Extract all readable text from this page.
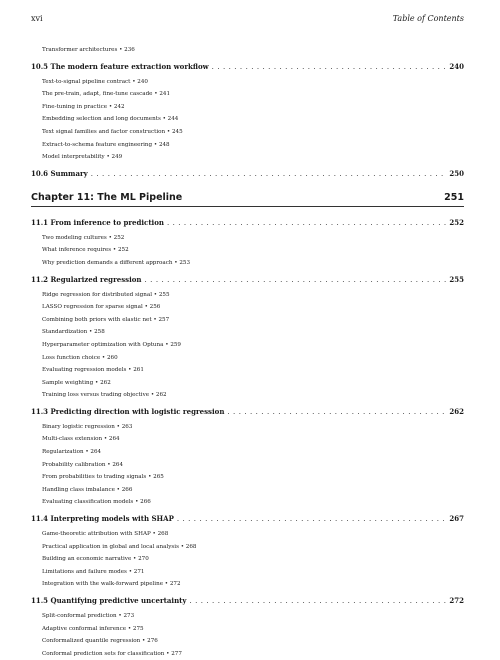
xvi	Table of Contents
Transformer architectures • 236
10.5 The modern feature extraction workflow . . .	240
Text-to-signal pipeline contract • 240
The pre-train, adapt, fine-tune cascade • 241
Fine-tuning in practice • 242
Embedding selection and long documents • 244
Text signal families and factor construction • 245
Extract-to-schema feature engineering • 248
Model interpretability • 249
10.6 Summary . . .	250
Chapter 11: The ML Pipeline	251
11.1 From inference to prediction . . .	252
Two modeling cultures • 252
What inference requires • 252
Why prediction demands a different approach • 253
11.2 Regularized regression . . .	255
Ridge regression for distributed signal • 255
LASSO regression for sparse signal • 256
Combining both priors with elastic net • 257
Standardization • 258
Hyperparameter optimization with Optuna • 259
Loss function choice • 260
Evaluating regression models • 261
Sample weighting • 262
Training loss versus trading objective • 262
11.3 Predicting direction with logistic regression . . .	262
Binary logistic regression • 263
Multi-class extension • 264
Regularization • 264
Probability calibration • 264
From probabilities to trading signals • 265
Handling class imbalance • 266
Evaluating classification models • 266
11.4 Interpreting models with SHAP . . .	267
Game-theoretic attribution with SHAP • 268
Practical application in global and local analysis • 268
Building an economic narrative • 270
Limitations and failure modes • 271
Integration with the walk-forward pipeline • 272
11.5 Quantifying predictive uncertainty . . .	272
Split-conformal prediction • 273
Adaptive conformal inference • 275
Conformalized quantile regression • 276
Conformal prediction sets for classification • 277
